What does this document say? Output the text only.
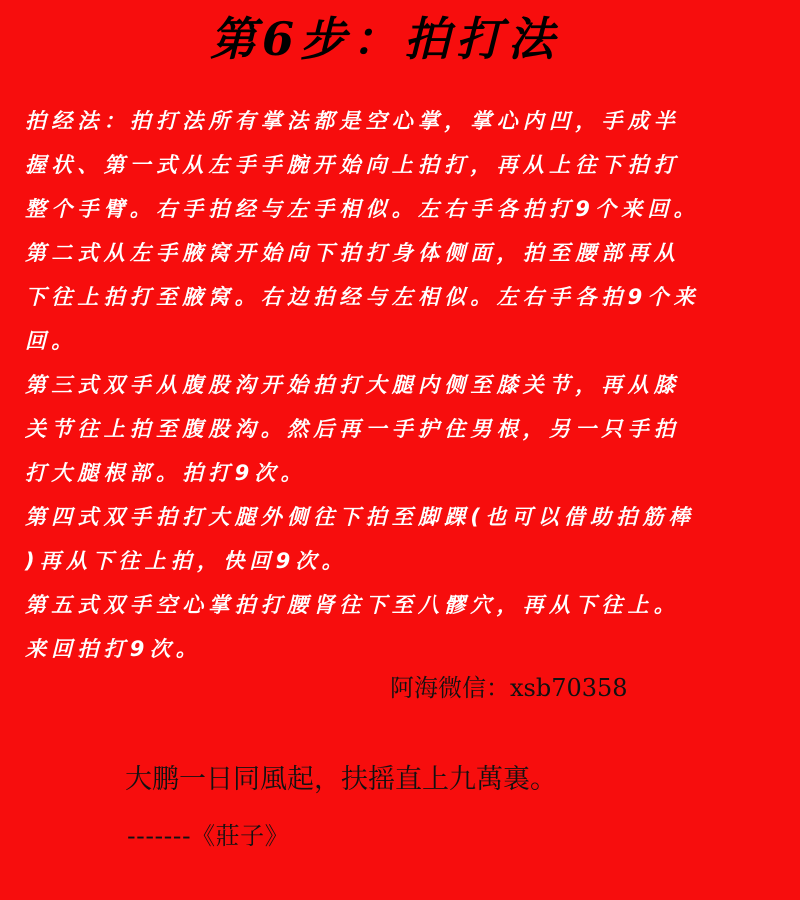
第6步：拍打法

拍经法：拍打法所有掌法都是空心掌，掌心内凹，手成半
握状、第一式从左手手腕开始向上拍打，再从上往下拍打
整个手臂。右手拍经与左手相似。左右手各拍打9个来回。

第二式从左手腋窝开始向下拍打身体侧面，拍至腰部再从
下往上拍打至腋窝。右边拍经与左相似。左右手各拍9个来
回。

第三式双手从腹股沟开始拍打大腿内侧至膝关节，再从膝
关节往上拍至腹股沟。然后再一手护住男根，另一只手拍
打大腿根部。拍打9次。

第四式双手拍打大腿外侧往下拍至脚踝(也可以借助拍筋棒
)再从下往上拍，快回9次。

第五式双手空心掌拍打腰肾往下至八髎穴，再从下往上。
来回拍打9次。

阿海微信：xsb70358

大鹏一日同風起，扶摇直上九萬裏。

-------《莊子》
